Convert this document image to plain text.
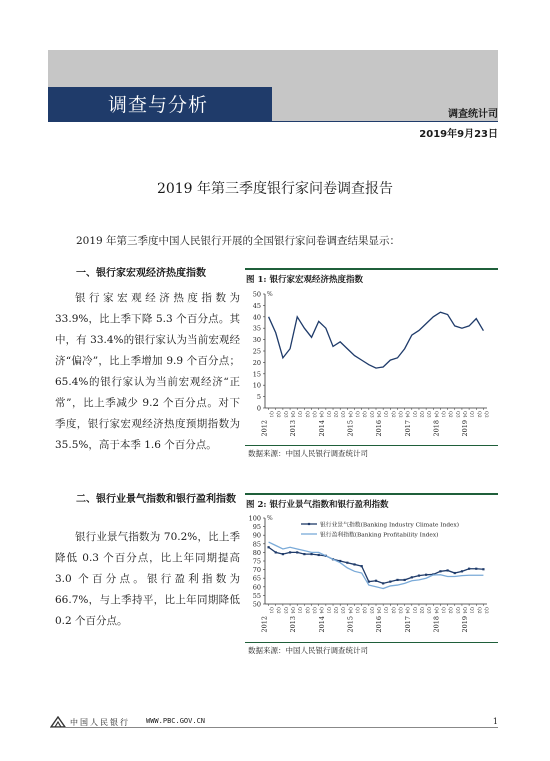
调查与分析	调查统计司
2019年9月23日
2019 年第三季度银行家问卷调查报告
2019 年第三季度中国人民银行开展的全国银行家问卷调查结果显示：
一、银行家宏观经济热度指数
银行家宏观经济热度指数为 33.9%，比上季下降 5.3 个百分点。其中，有 33.4%的银行家认为当前宏观经济“偏冷”，比上季增加 9.9 个百分点；65.4%的银行家认为当前宏观经济“正常”，比上季减少 9.2 个百分点。对下季度，银行家宏观经济热度预期指数为 35.5%，高于本季 1.6 个百分点。
图 1: 银行家宏观经济热度指数
%
0
5
10
15
20
25
30
35
40
45
50
Q1 Q2 Q3 Q4 Q1 Q2 Q3 Q4 Q1 Q2 Q3 Q4 Q1 Q2 Q3 Q4 Q1 Q2 Q3 Q4 Q1 Q2 Q3 Q4 Q1 Q2 Q3 Q4 Q1 Q2 Q3
2012	2013	2014	2015	2016	2017	2018	2019
数据来源：中国人民银行调查统计司
二、银行业景气指数和银行盈利指数
银行业景气指数为 70.2%，比上季降低 0.3 个百分点，比上年同期提高 3.0 个百分点。银行盈利指数为 66.7%，与上季持平，比上年同期降低 0.2 个百分点。
图 2: 银行业景气指数和银行盈利指数
%
50
55
60
65
70
75
80
85
90
95
100
Q1 Q2 Q3 Q4 Q1 Q2 Q3 Q4 Q1 Q2 Q3 Q4 Q1 Q2 Q3 Q4 Q1 Q2 Q3 Q4 Q1 Q2 Q3 Q4 Q1 Q2 Q3 Q4 Q1 Q2 Q3
2012	2013	2014	2015	2016	2017	2018	2019
银行业景气指数(Banking Industry Climate Index)
银行盈利指数(Banking Profitability Index)
数据来源：中国人民银行调查统计司
中国人民银行 WWW.PBC.GOV.CN	1
